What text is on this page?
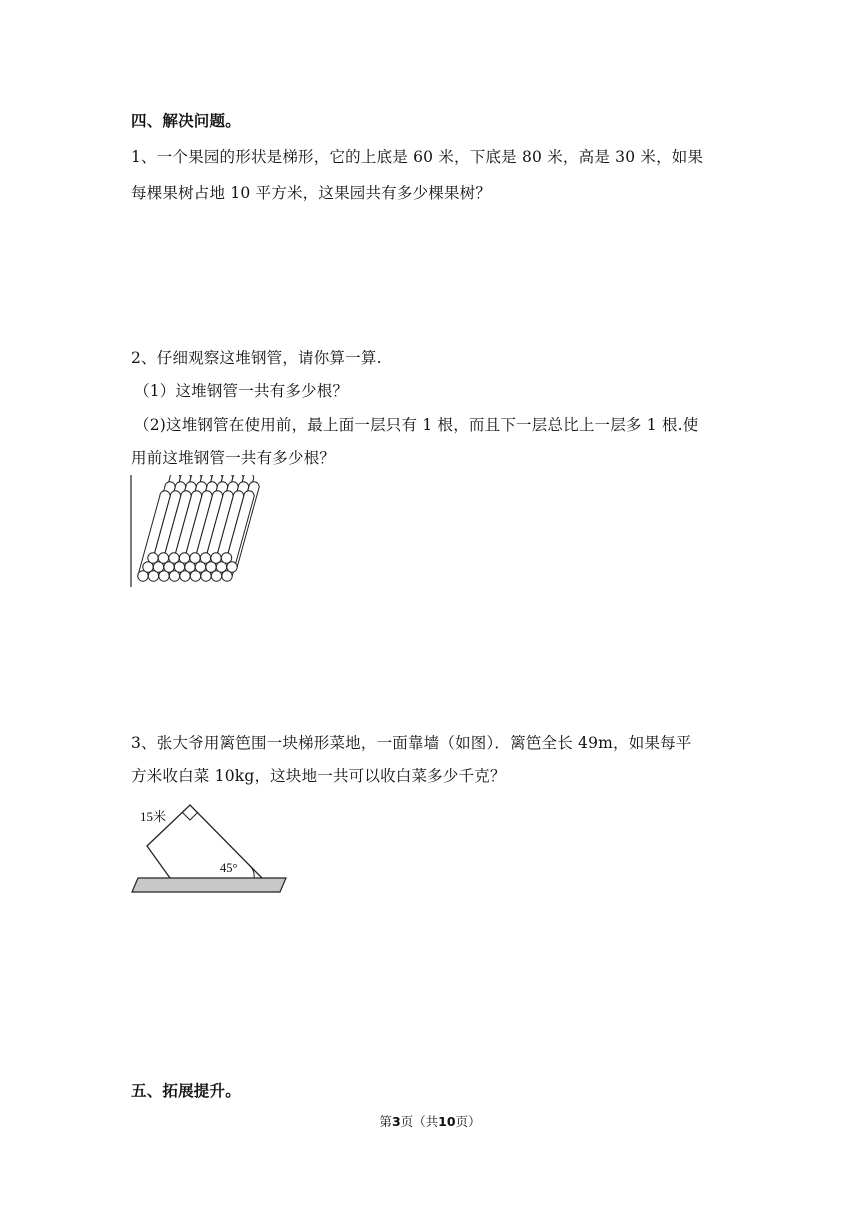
四、解决问题。
1、一个果园的形状是梯形，它的上底是 60 米，下底是 80 米，高是 30 米，如果
每棵果树占地 10 平方米，这果园共有多少棵果树？
2、仔细观察这堆钢管，请你算一算.
（1）这堆钢管一共有多少根？
（2)这堆钢管在使用前，最上面一层只有 1 根，而且下一层总比上一层多 1 根.使
用前这堆钢管一共有多少根？
3、张大爷用篱笆围一块梯形菜地，一面靠墙（如图）．篱笆全长 49m，如果每平
方米收白菜 10kg，这块地一共可以收白菜多少千克？
15米
45°
五、拓展提升。
第3页（共10页）
